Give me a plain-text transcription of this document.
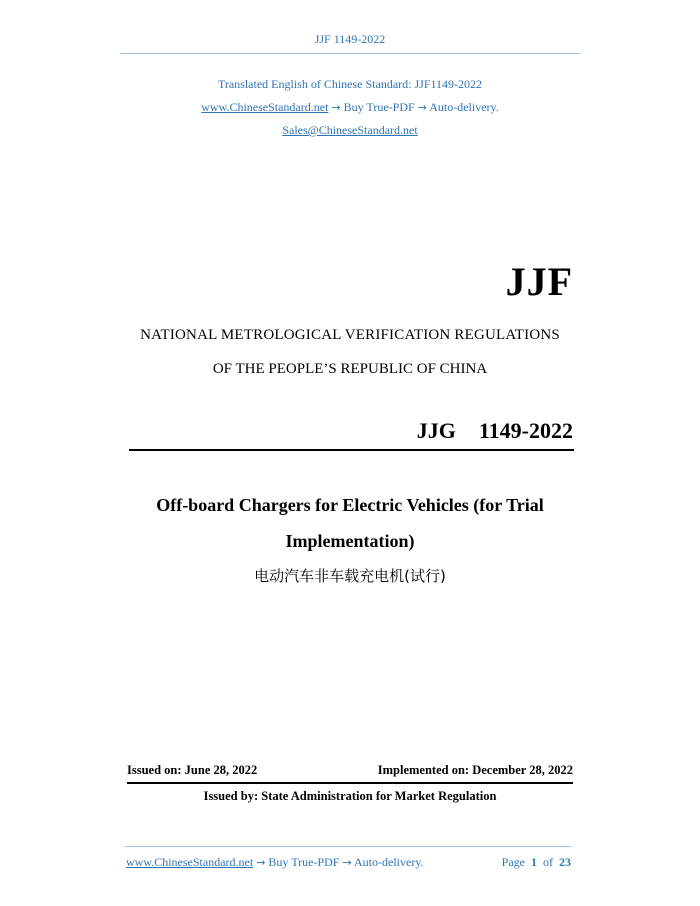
JJF 1149-2022
Translated English of Chinese Standard: JJF1149-2022
www.ChineseStandard.net → Buy True-PDF → Auto-delivery.
Sales@ChineseStandard.net
JJF
NATIONAL METROLOGICAL VERIFICATION REGULATIONS
OF THE PEOPLE’S REPUBLIC OF CHINA
JJG  1149-2022
Off-board Chargers for Electric Vehicles (for Trial
Implementation)
电动汽车非车载充电机(试行)
Issued on: June 28, 2022	Implemented on: December 28, 2022
Issued by: State Administration for Market Regulation
www.ChineseStandard.net → Buy True-PDF → Auto-delivery.	Page 1 of 23
